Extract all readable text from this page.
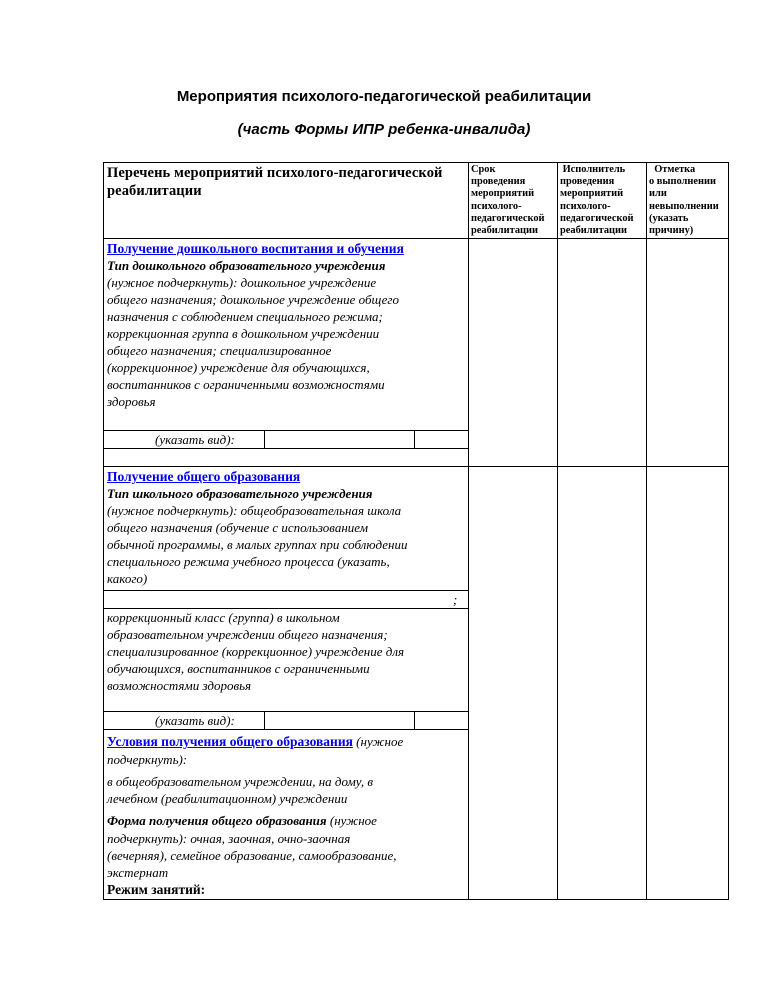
Мероприятия психолого-педагогической реабилитации
(часть Формы ИПР ребенка-инвалида)
Перечень мероприятий психолого-педагогической
реабилитации
Срок
проведения
мероприятий
психолого-
педагогической
реабилитации
Исполнитель
проведения
мероприятий
психолого-
педагогической
реабилитации
Отметка
о выполнении
или
невыполнении
(указать
причину)
Получение дошкольного воспитания и обучения
Тип дошкольного образовательного учреждения
(нужное подчеркнуть): дошкольное учреждение
общего назначения; дошкольное учреждение общего
назначения с соблюдением специального режима;
коррекционная группа в дошкольном учреждении
общего назначения; специализированное
(коррекционное) учреждение для обучающихся,
воспитанников с ограниченными возможностями
здоровья
(указать вид):
Получение общего образования
Тип школьного образовательного учреждения
(нужное подчеркнуть): общеобразовательная школа
общего назначения (обучение с использованием
обычной программы, в малых группах при соблюдении
специального режима учебного процесса (указать,
какого)
;
коррекционный класс (группа) в школьном
образовательном учреждении общего назначения;
специализированное (коррекционное) учреждение для
обучающихся, воспитанников с ограниченными
возможностями здоровья
(указать вид):
Условия получения общего образования (нужное
подчеркнуть):
в общеобразовательном учреждении, на дому, в
лечебном (реабилитационном) учреждении
Форма получения общего образования (нужное
подчеркнуть): очная, заочная, очно-заочная
(вечерняя), семейное образование, самообразование,
экстернат
Режим занятий:
